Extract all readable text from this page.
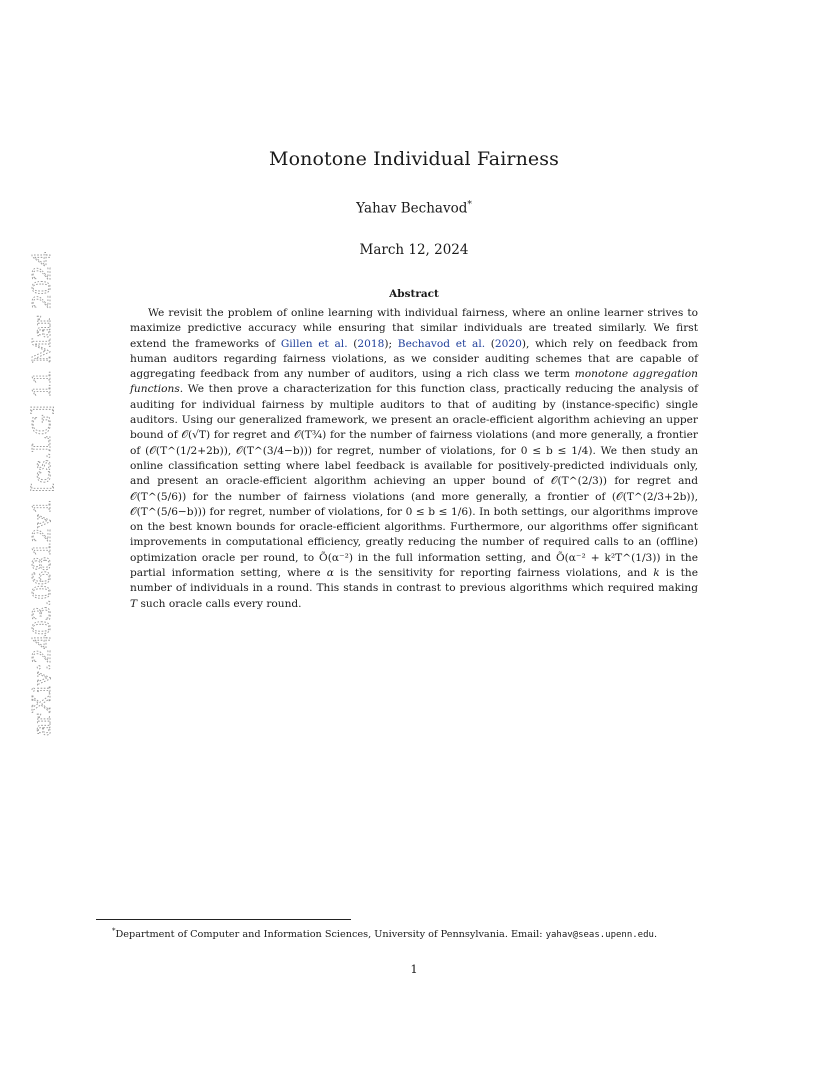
arXiv:2403.06812v1 [cs.LG] 11 Mar 2024
Monotone Individual Fairness
Yahav Bechavod*
March 12, 2024
Abstract

We revisit the problem of online learning with individual fairness, where an online learner strives to maximize predictive accuracy while ensuring that similar individuals are treated similarly. We first extend the frameworks of Gillen et al. (2018); Bechavod et al. (2020), which rely on feedback from human auditors regarding fairness violations, as we consider auditing schemes that are capable of aggregating feedback from any number of auditors, using a rich class we term monotone aggregation functions. We then prove a characterization for this function class, practically reducing the analysis of auditing for individual fairness by multiple auditors to that of auditing by (instance-specific) single auditors. Using our generalized framework, we present an oracle-efficient algorithm achieving an upper bound of 𝒪(√T) for regret and 𝒪(T¾) for the number of fairness violations (and more generally, a frontier of (𝒪(T^(1/2+2b)), 𝒪(T^(3/4−b))) for regret, number of violations, for 0 ≤ b ≤ 1/4). We then study an online classification setting where label feedback is available for positively-predicted individuals only, and present an oracle-efficient algorithm achieving an upper bound of 𝒪(T^(2/3)) for regret and 𝒪(T^(5/6)) for the number of fairness violations (and more generally, a frontier of (𝒪(T^(2/3+2b)), 𝒪(T^(5/6−b))) for regret, number of violations, for 0 ≤ b ≤ 1/6). In both settings, our algorithms improve on the best known bounds for oracle-efficient algorithms. Furthermore, our algorithms offer significant improvements in computational efficiency, greatly reducing the number of required calls to an (offline) optimization oracle per round, to Õ(α⁻²) in the full information setting, and Õ(α⁻² + k²T^(1/3)) in the partial information setting, where α is the sensitivity for reporting fairness violations, and k is the number of individuals in a round. This stands in contrast to previous algorithms which required making T such oracle calls every round.

*Department of Computer and Information Sciences, University of Pennsylvania. Email: yahav@seas.upenn.edu.
1
